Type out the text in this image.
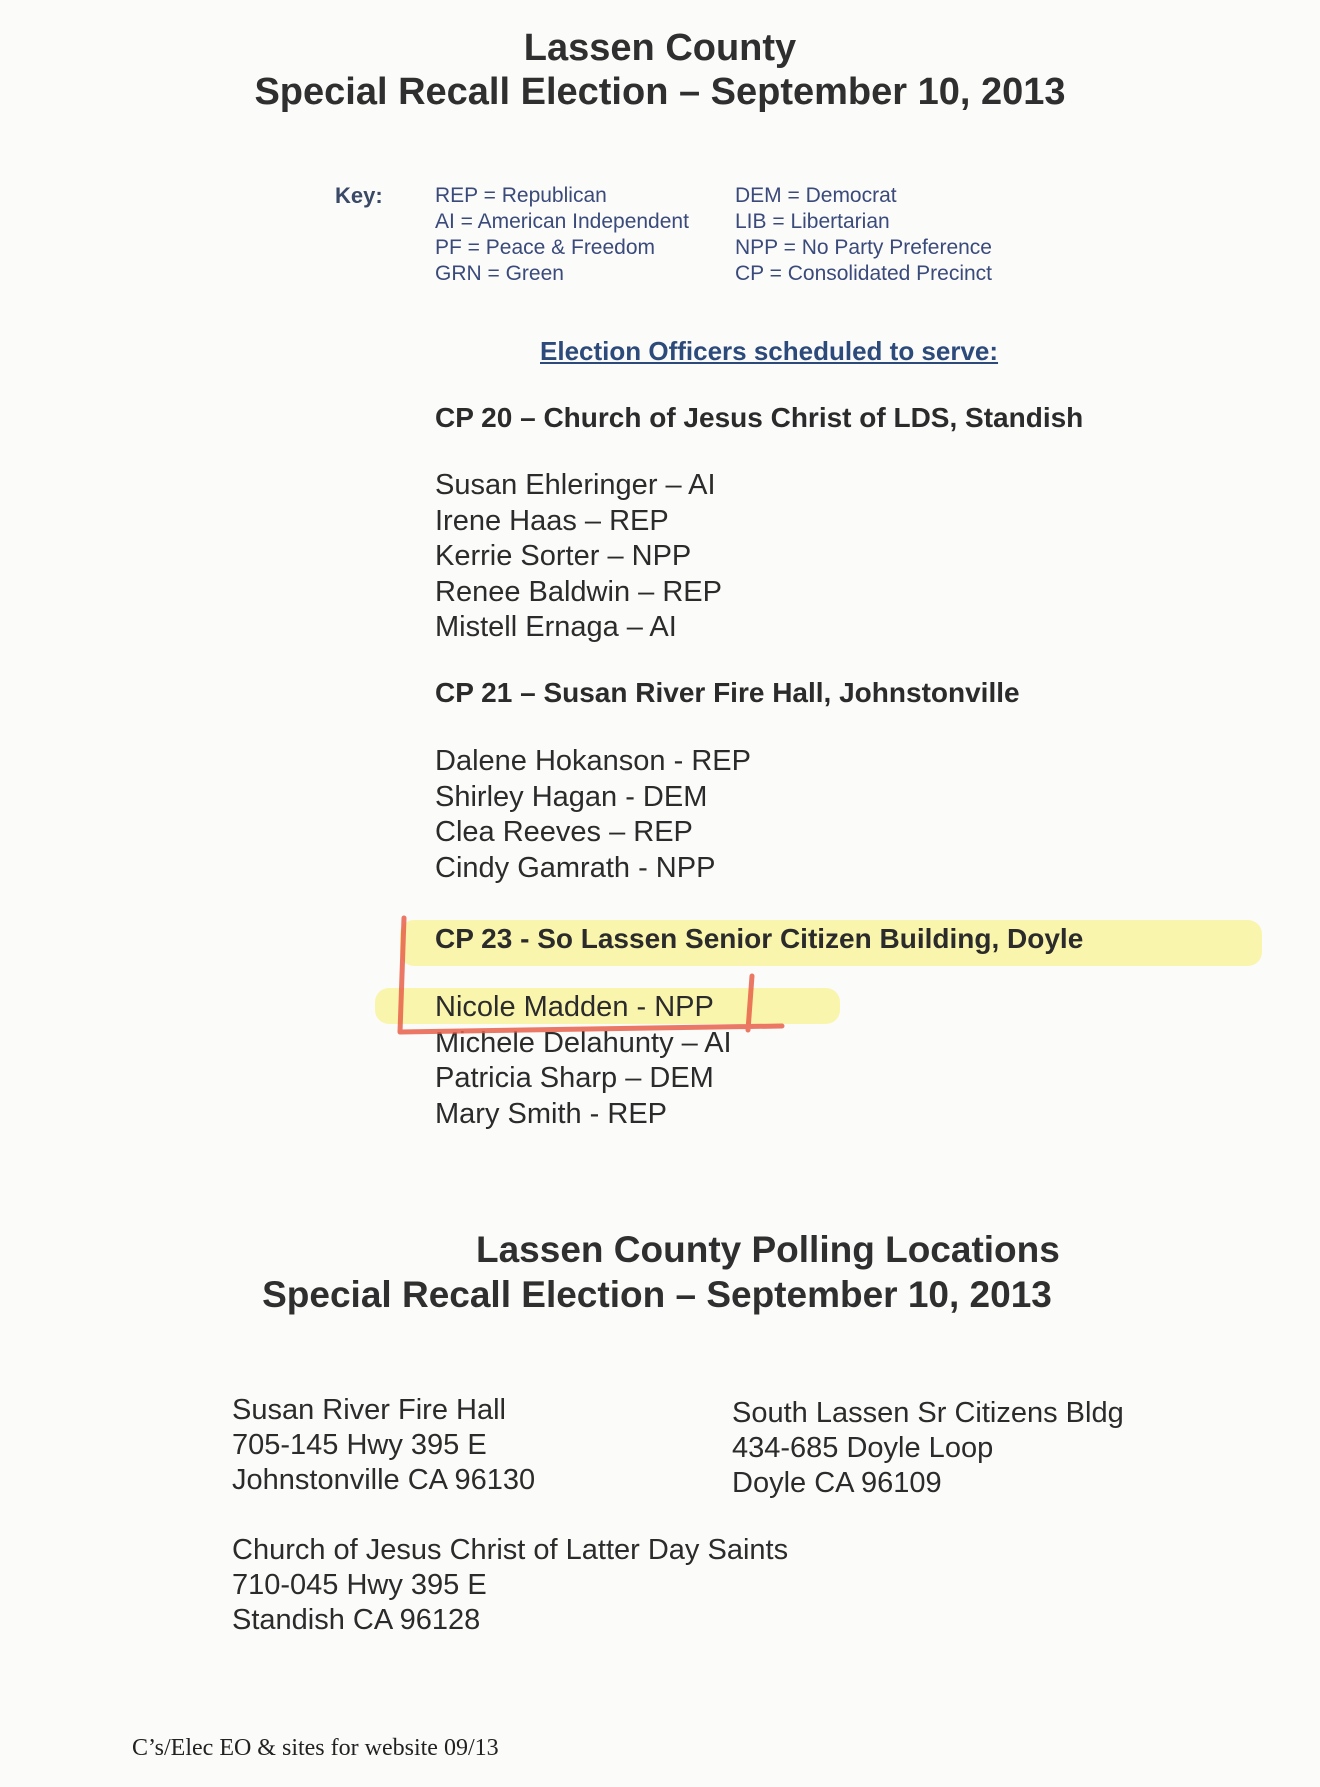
Lassen County
Special Recall Election – September 10, 2013
Key: REP = Republican
AI = American Independent
PF = Peace & Freedom
GRN = Green
DEM = Democrat
LIB = Libertarian
NPP = No Party Preference
CP = Consolidated Precinct
Election Officers scheduled to serve:
CP 20 – Church of Jesus Christ of LDS, Standish
Susan Ehleringer – AI
Irene Haas – REP
Kerrie Sorter – NPP
Renee Baldwin – REP
Mistell Ernaga – AI
CP 21 – Susan River Fire Hall, Johnstonville
Dalene Hokanson - REP
Shirley Hagan - DEM
Clea Reeves – REP
Cindy Gamrath - NPP
CP 23 - So Lassen Senior Citizen Building, Doyle
Nicole Madden - NPP
Michele Delahunty – AI
Patricia Sharp – DEM
Mary Smith - REP
Lassen County Polling Locations
Special Recall Election – September 10, 2013
Susan River Fire Hall
705-145 Hwy 395 E
Johnstonville CA 96130
South Lassen Sr Citizens Bldg
434-685 Doyle Loop
Doyle CA 96109
Church of Jesus Christ of Latter Day Saints
710-045 Hwy 395 E
Standish CA 96128
C’s/Elec EO & sites for website 09/13
